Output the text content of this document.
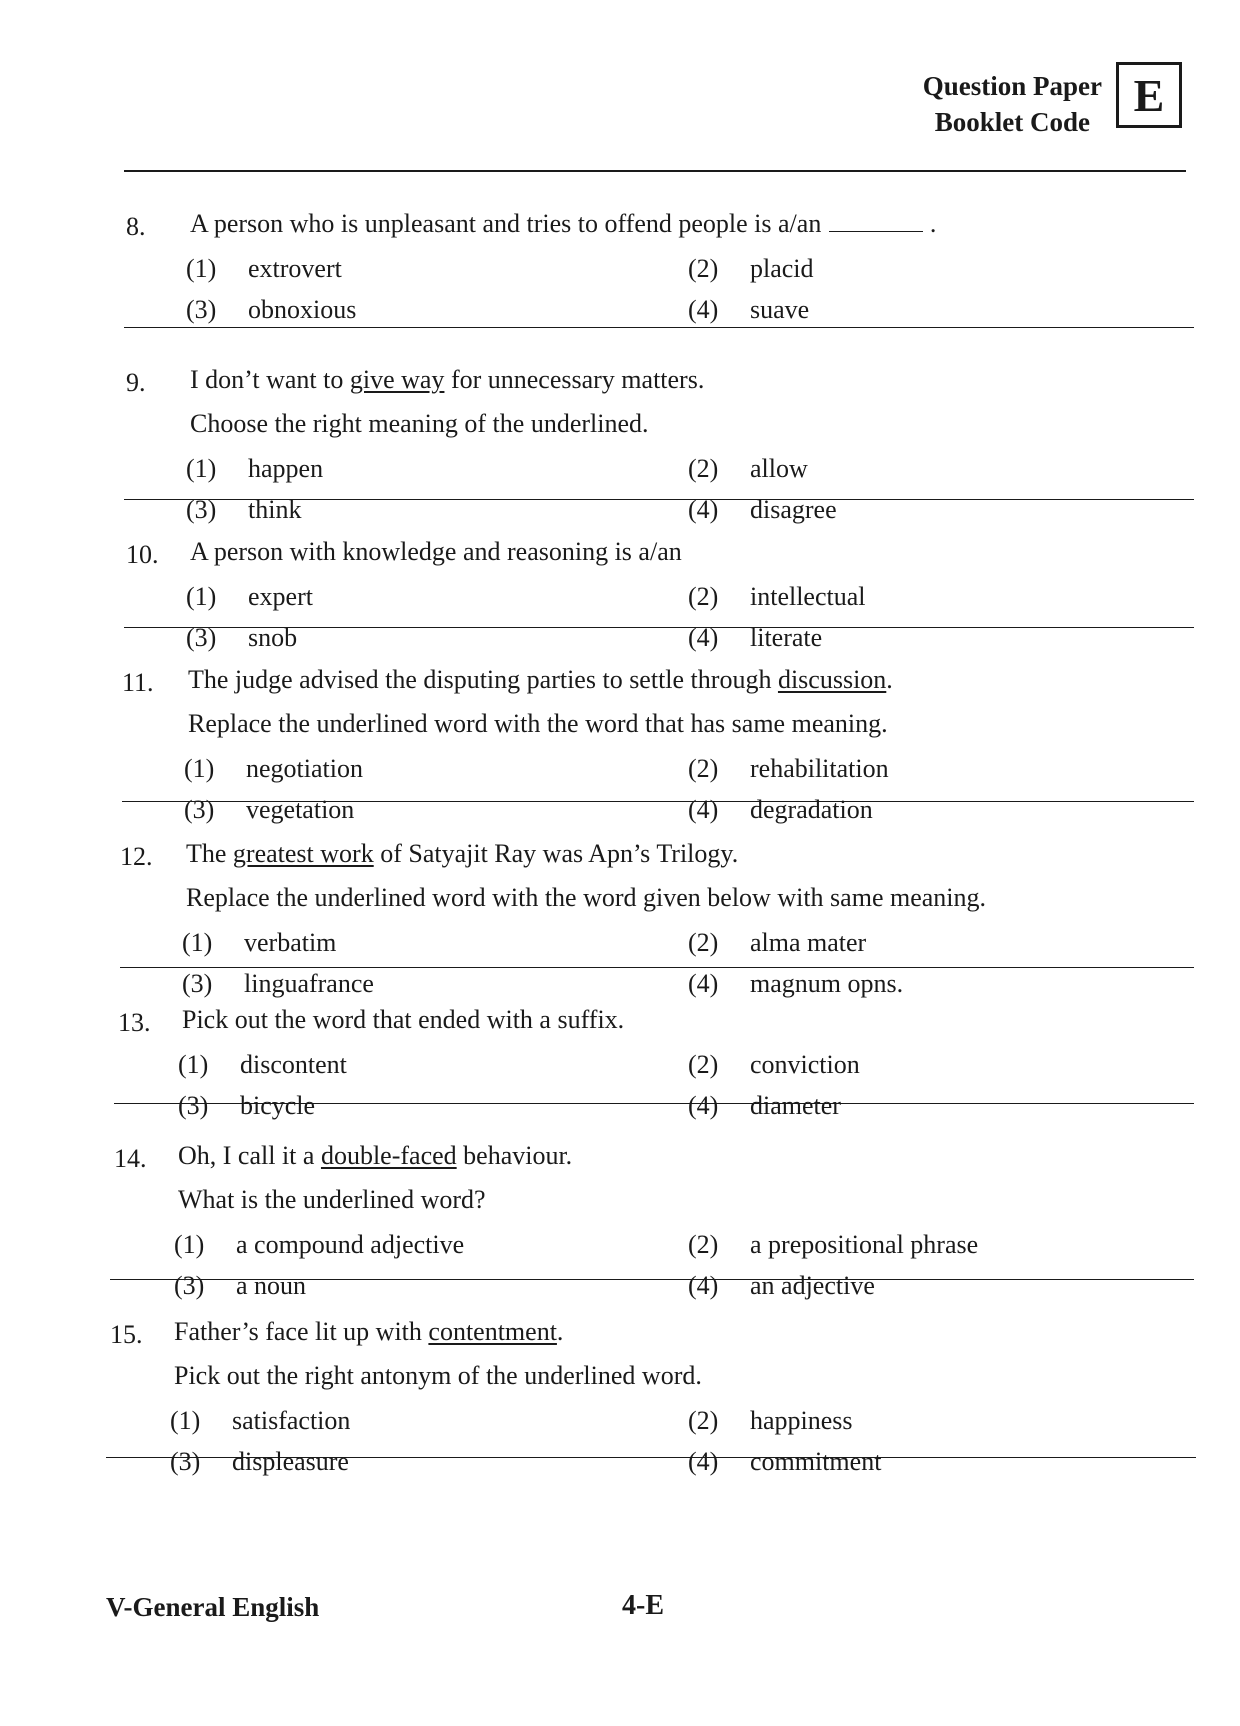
Question Paper
Booklet Code
E
8. A person who is unpleasant and tries to offend people is a/an	.
(1)	extrovert	(2)	placid
(3)	obnoxious	(4)	suave
9. I don’t want to give way for unnecessary matters.
Choose the right meaning of the underlined.
(1)	happen	(2)	allow
(3)	think	(4)	disagree
10. A person with knowledge and reasoning is a/an
(1)	expert	(2)	intellectual
(3)	snob	(4)	literate
11. The judge advised the disputing parties to settle through discussion.
Replace the underlined word with the word that has same meaning.
(1)	negotiation	(2)	rehabilitation
(3)	vegetation	(4)	degradation
12. The greatest work of Satyajit Ray was Apn’s Trilogy.
Replace the underlined word with the word given below with same meaning.
(1)	verbatim	(2)	alma mater
(3)	linguafrance	(4)	magnum opns.
13. Pick out the word that ended with a suffix.
(1)	discontent	(2)	conviction
(3)	bicycle	(4)	diameter
14. Oh, I call it a double-faced behaviour.
What is the underlined word?
(1)	a compound adjective	(2)	a prepositional phrase
(3)	a noun	(4)	an adjective
15. Father’s face lit up with contentment.
Pick out the right antonym of the underlined word.
(1)	satisfaction	(2)	happiness
(3)	displeasure	(4)	commitment
V-General English	4-E
